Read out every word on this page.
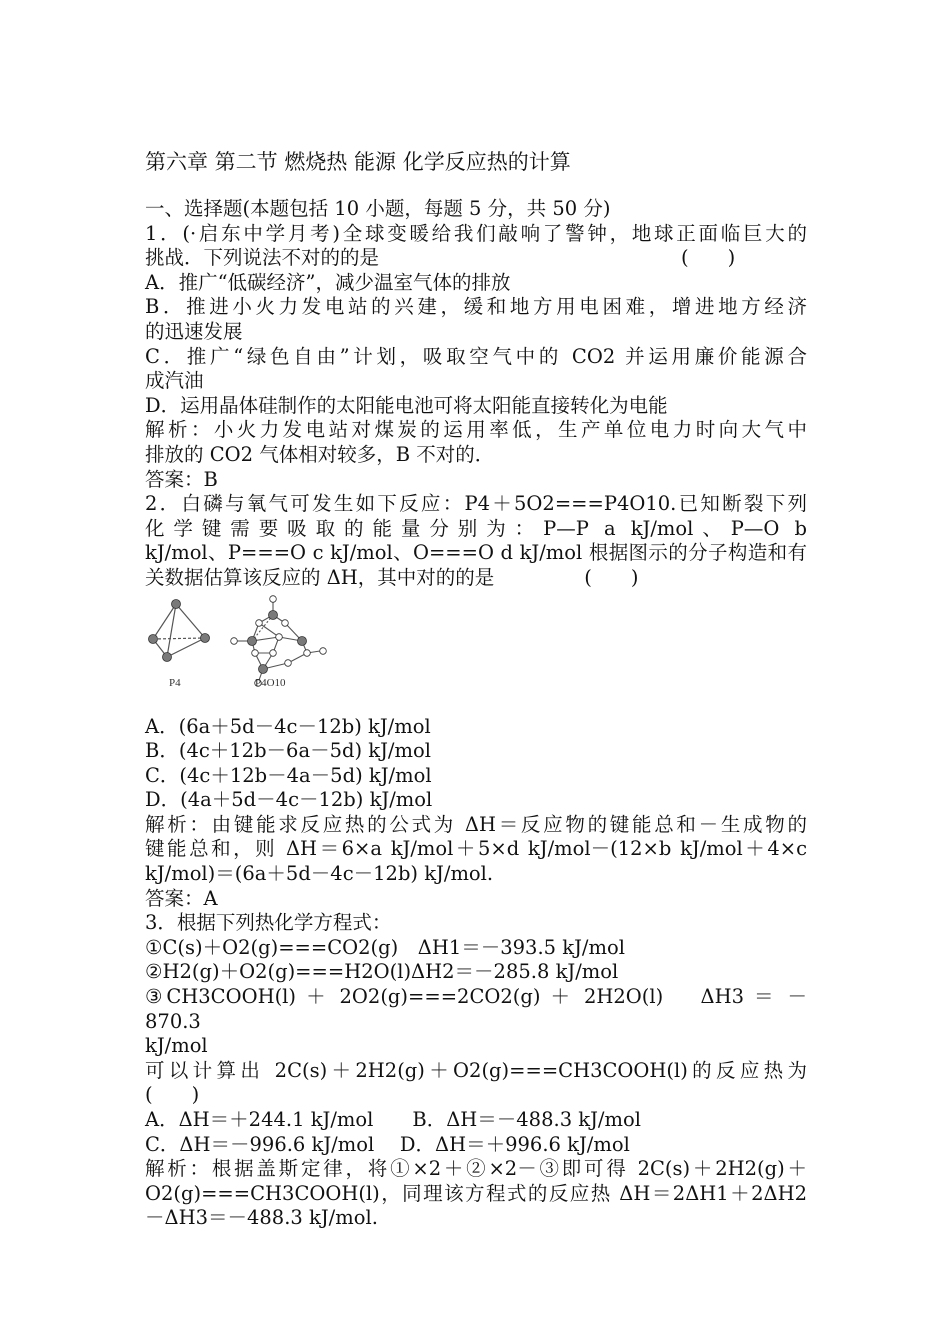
第六章 第二节 燃烧热 能源 化学反应热的计算

一、选择题(本题包括 10 小题，每题 5 分，共 50 分)

1．(·启东中学月考)全球变暖给我们敲响了警钟，地球正面临巨大的

挑战．下列说法不对的的是	(　　)

A．推广“低碳经济”，减少温室气体的排放

B．推进小火力发电站的兴建，缓和地方用电困难，增进地方经济

的迅速发展

C．推广“绿色自由”计划，吸取空气中的 CO2 并运用廉价能源合

成汽油

D．运用晶体硅制作的太阳能电池可将太阳能直接转化为电能

解析：小火力发电站对煤炭的运用率低，生产单位电力时向大气中

排放的 CO2 气体相对较多，B 不对的．

答案：B

2．白磷与氧气可发生如下反应：P4＋5O2===P4O10.已知断裂下列

化学键需要吸取的能量分别为：P—P a kJ/mol、P—O b

kJ/mol、P===O c kJ/mol、O===O d kJ/mol 根据图示的分子构造和有

关数据估算该反应的 ΔH，其中对的的是	(　　)

P4	P4O10

A．(6a＋5d－4c－12b) kJ/mol

B．(4c＋12b－6a－5d) kJ/mol

C．(4c＋12b－4a－5d) kJ/mol

D．(4a＋5d－4c－12b) kJ/mol

解析：由键能求反应热的公式为 ΔH＝反应物的键能总和－生成物的

键能总和，则 ΔH＝6×a kJ/mol＋5×d kJ/mol－(12×b kJ/mol＋4×c

kJ/mol)＝(6a＋5d－4c－12b) kJ/mol.

答案：A

3．根据下列热化学方程式：

①C(s)＋O2(g)===CO2(g)　ΔH1＝－393.5 kJ/mol

②H2(g)＋O2(g)===H2O(l)ΔH2＝－285.8 kJ/mol

③CH3COOH(l) ＋ 2O2(g)===2CO2(g) ＋ 2H2O(l)　 ΔH3 ＝ － 870.3

kJ/mol

可以计算出 2C(s)＋2H2(g)＋O2(g)===CH3COOH(l)的反应热为

(　　)

A．ΔH＝＋244.1 kJ/mol　　B．ΔH＝－488.3 kJ/mol

C．ΔH＝－996.6 kJ/mol　 D．ΔH＝＋996.6 kJ/mol

解析：根据盖斯定律，将①×2＋②×2－③即可得 2C(s)＋2H2(g)＋

O2(g)===CH3COOH(l)，同理该方程式的反应热 ΔH＝2ΔH1＋2ΔH2

－ΔH3＝－488.3 kJ/mol.
